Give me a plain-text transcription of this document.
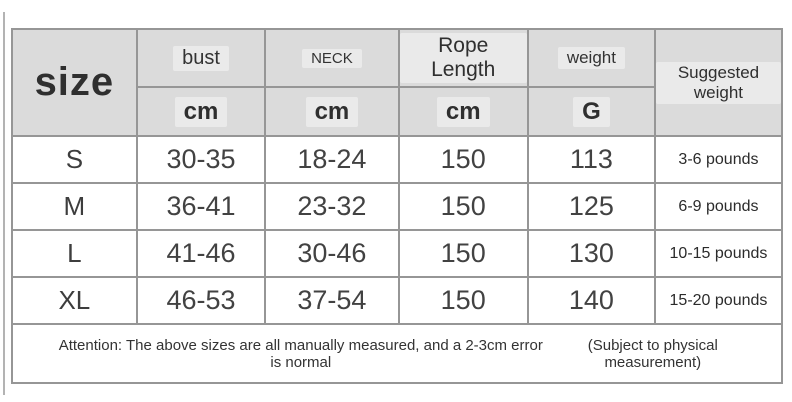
size	bust	NECK	Rope Length	weight	Suggested weight
	cm	cm	cm	G	
S	30-35	18-24	150	113	3-6 pounds
M	36-41	23-32	150	125	6-9 pounds
L	41-46	30-46	150	130	10-15 pounds
XL	46-53	37-54	150	140	15-20 pounds

Attention: The above sizes are all manually measured, and a 2-3cm error is normal
(Subject to physical measurement)					
